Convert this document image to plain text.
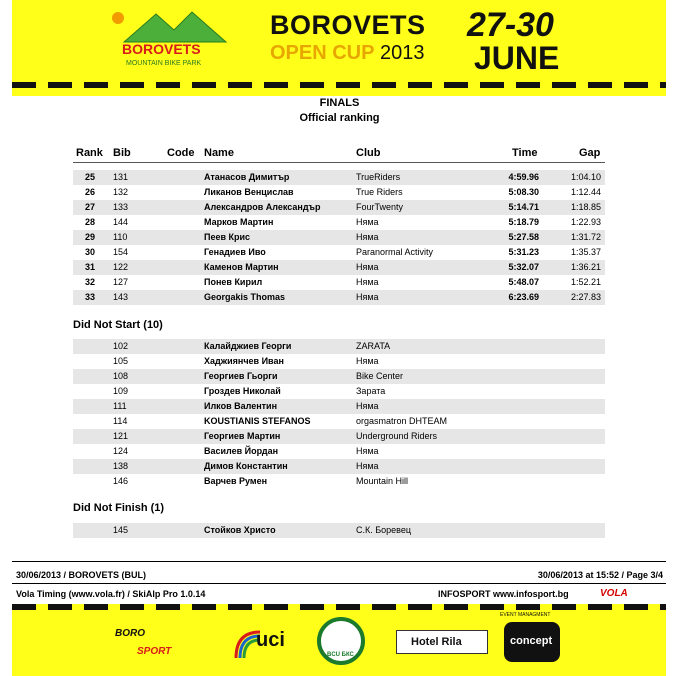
BOROVETS
MOUNTAIN BIKE PARK
BOROVETS
OPEN CUP 2013
27-30
JUNE
FINALS
Official ranking
Rank Bib	Code Name	Club	Time	Gap
25 131	Атанасов Димитър	TrueRiders	4:59.96	1:04.10
26 132	Ликанов Венцислав	True Riders	5:08.30	1:12.44
27 133	Александров Александър	FourTwenty	5:14.71	1:18.85
28 144	Марков Мартин	Няма	5:18.79	1:22.93
29 110	Пеев Крис	Няма	5:27.58	1:31.72
30 154	Генадиев Иво	Paranormal Activity	5:31.23	1:35.37
31 122	Каменов Мартин	Няма	5:32.07	1:36.21
32 127	Понев Кирил	Няма	5:48.07	1:52.21
33 143	Georgakis Thomas	Няма	6:23.69	2:27.83
Did Not Start (10)
102	Калайджиев Георги	ZARATA
105	Хаджиянчев Иван	Няма
108	Георгиев Гьорги	Bike Center
109	Гроздев Николай	Зарата
111	Илков Валентин	Няма
114	KOUSTIANIS STEFANOS	orgasmatron DHTEAM
121	Георгиев Мартин	Underground Riders
124	Василев Йордан	Няма
138	Димов Константин	Няма
146	Варчев Румен	Mountain Hill
Did Not Finish (1)
145	Стойков Христо	С.К. Боревец
30/06/2013 / BOROVETS (BUL)	30/06/2013 at 15:52 / Page 3/4
Vola Timing (www.vola.fr) / SkiAlp Pro 1.0.14	INFOSPORT www.infosport.bg	VOLA
BORO
SPORT
uci
BCU БКС
Hotel Rila
EVENT MANAGMENT
concept
